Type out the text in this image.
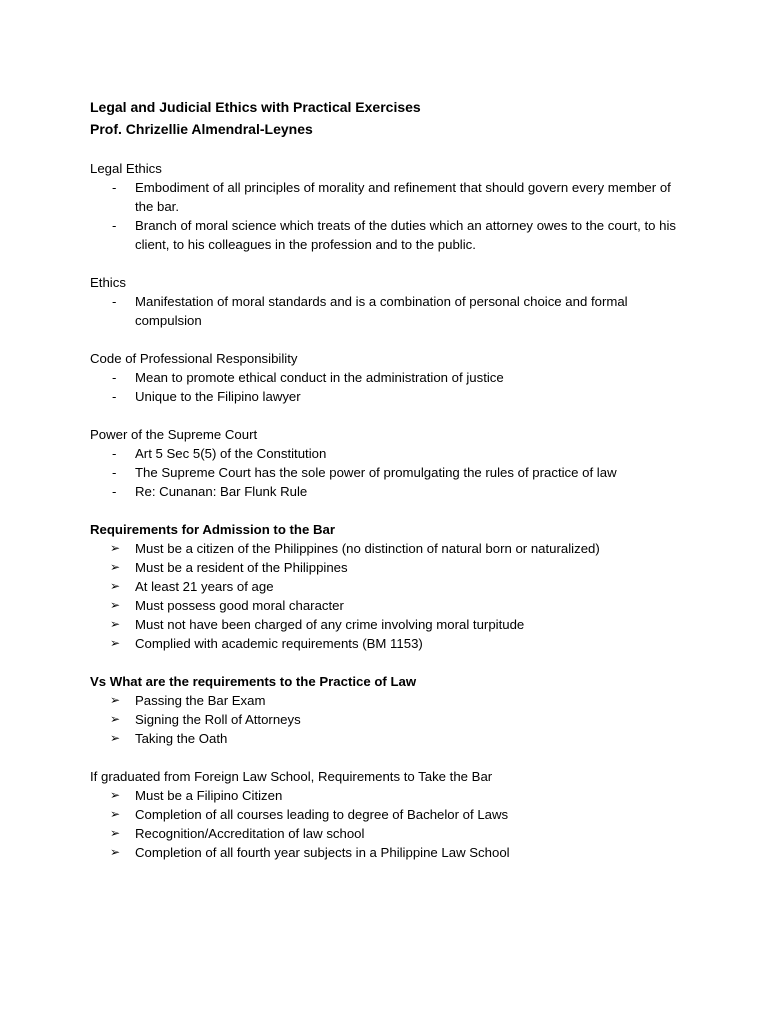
Legal and Judicial Ethics with Practical Exercises

Prof. Chrizellie Almendral-Leynes

Legal Ethics

-	Embodiment of all principles of morality and refinement that should govern every member of the bar.
-	Branch of moral science which treats of the duties which an attorney owes to the court, to his client, to his colleagues in the profession and to the public.

Ethics

-	Manifestation of moral standards and is a combination of personal choice and formal compulsion

Code of Professional Responsibility

-	Mean to promote ethical conduct in the administration of justice
-	Unique to the Filipino lawyer

Power of the Supreme Court

-	Art 5 Sec 5(5) of the Constitution
-	The Supreme Court has the sole power of promulgating the rules of practice of law
-	Re: Cunanan: Bar Flunk Rule

Requirements for Admission to the Bar

➢ Must be a citizen of the Philippines (no distinction of natural born or naturalized)
➢ Must be a resident of the Philippines
➢ At least 21 years of age
➢ Must possess good moral character
➢ Must not have been charged of any crime involving moral turpitude
➢ Complied with academic requirements (BM 1153)

Vs What are the requirements to the Practice of Law

➢ Passing the Bar Exam
➢ Signing the Roll of Attorneys
➢ Taking the Oath

If graduated from Foreign Law School, Requirements to Take the Bar

➢ Must be a Filipino Citizen
➢ Completion of all courses leading to degree of Bachelor of Laws
➢ Recognition/Accreditation of law school
➢ Completion of all fourth year subjects in a Philippine Law School
